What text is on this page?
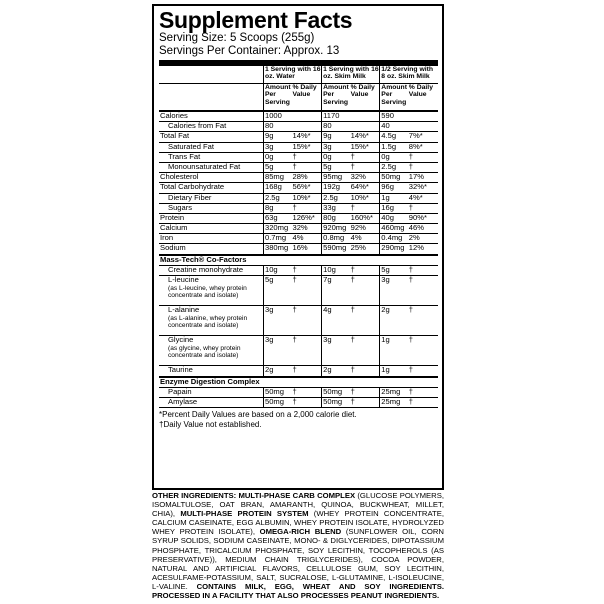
Supplement Facts
Serving Size: 5 Scoops (255g)
Servings Per Container: Approx. 13
	1 Serving with 16 oz. Water		1 Serving with 16 oz. Skim Milk		1/2 Serving with 8 oz. Skim Milk	
	Amount Per Serving	% Daily Value	Amount Per Serving	% Daily Value	Amount Per Serving	% Daily Value
Calories	1000		1170		590	
Calories from Fat	80		80		40	
Total Fat	9g	14%*	9g	14%*	4.5g	7%*
Saturated Fat	3g	15%*	3g	15%*	1.5g	8%*
Trans Fat	0g	†	0g	†	0g	†
Monounsaturated Fat	5g	†	5g	†	2.5g	†
Cholesterol	85mg	28%	95mg	32%	50mg	17%
Total Carbohydrate	168g	56%*	192g	64%*	96g	32%*
Dietary Fiber	2.5g	10%*	2.5g	10%*	1g	4%*
Sugars	8g	†	33g	†	16g	†
Protein	63g	126%*	80g	160%*	40g	90%*
Calcium	320mg	32%	920mg	92%	460mg	46%
Iron	0.7mg	4%	0.8mg	4%	0.4mg	2%
Sodium	380mg	16%	590mg	25%	290mg	12%
Mass-Tech® Co-Factors						
Creatine monohydrate	10g	†	10g	†	5g	†
L-leucine
(as L-leucine, whey protein concentrate and isolate)	5g	†	7g	†	3g	†
L-alanine
(as L-alanine, whey protein concentrate and isolate)	3g	†	4g	†	2g	†
Glycine
(as glycine, whey protein concentrate and isolate)	3g	†	3g	†	1g	†
Taurine	2g	†	2g	†	1g	†
Enzyme Digestion Complex						
Papain	50mg	†	50mg	†	25mg	†
Amylase	50mg	†	50mg	†	25mg	†
*Percent Daily Values are based on a 2,000 calorie diet.
†Daily Value not established.
OTHER INGREDIENTS: MULTI-PHASE CARB COMPLEX (GLUCOSE POLYMERS, ISOMALTULOSE, OAT BRAN, AMARANTH, QUINOA, BUCKWHEAT, MILLET, CHIA), MULTI-PHASE PROTEIN SYSTEM (WHEY PROTEIN CONCENTRATE, CALCIUM CASEINATE, EGG ALBUMIN, WHEY PROTEIN ISOLATE, HYDROLYZED WHEY PROTEIN ISOLATE), OMEGA-RICH BLEND (SUNFLOWER OIL, CORN SYRUP SOLIDS, SODIUM CASEINATE, MONO- & DIGLYCERIDES, DIPOTASSIUM PHOSPHATE, TRICALCIUM PHOSPHATE, SOY LECITHIN, TOCOPHEROLS (AS PRESERVATIVE)), MEDIUM CHAIN TRIGLYCERIDES), COCOA POWDER, NATURAL AND ARTIFICIAL FLAVORS, CELLULOSE GUM, SOY LECITHIN, ACESULFAME-POTASSIUM, SALT, SUCRALOSE, L-GLUTAMINE, L-ISOLEUCINE, L-VALINE. CONTAINS MILK, EGG, WHEAT AND SOY INGREDIENTS. PROCESSED IN A FACILITY THAT ALSO PROCESSES PEANUT INGREDIENTS.
